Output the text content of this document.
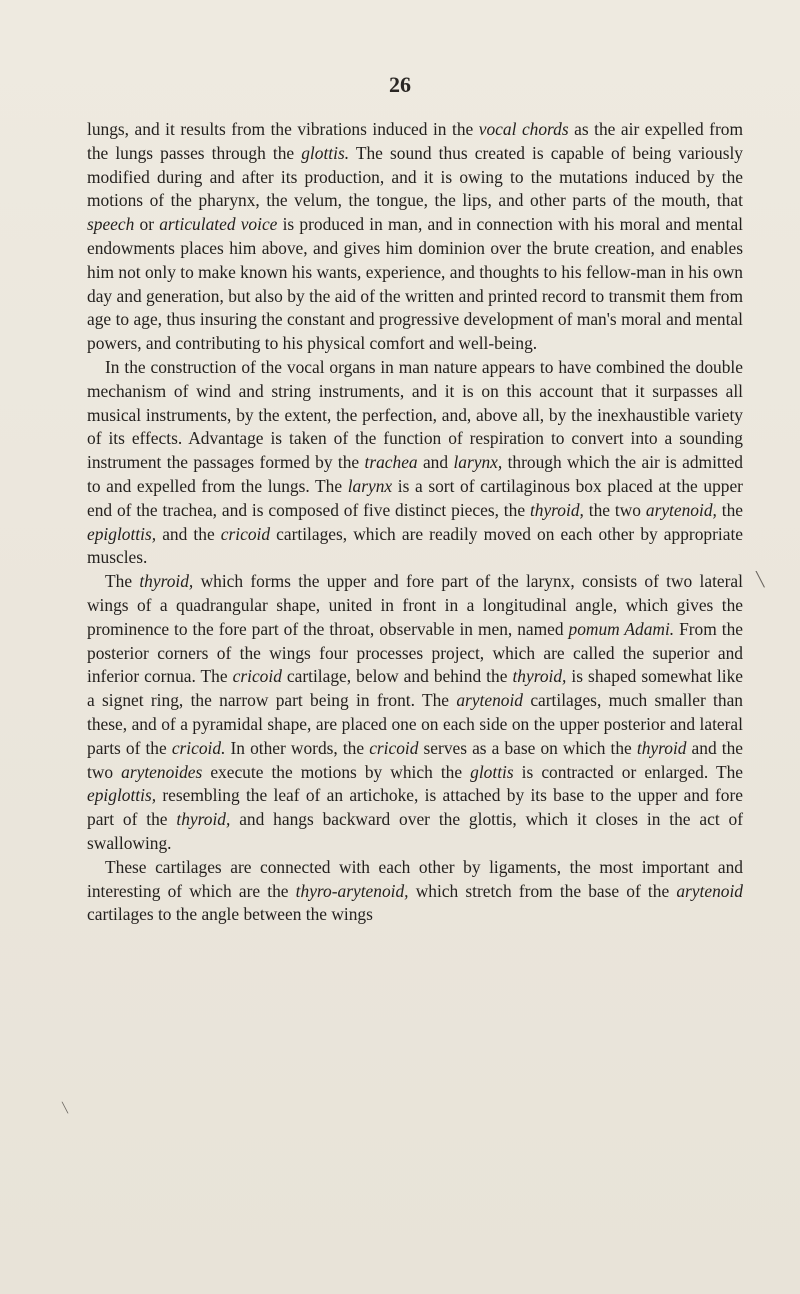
26

lungs, and it results from the vibrations induced in the vocal chords as the air expelled from the lungs passes through the glottis. The sound thus created is capable of being variously modified during and after its production, and it is owing to the mutations induced by the motions of the pharynx, the velum, the tongue, the lips, and other parts of the mouth, that speech or articulated voice is produced in man, and in connection with his moral and mental endowments places him above, and gives him dominion over the brute creation, and enables him not only to make known his wants, experience, and thoughts to his fellow-man in his own day and generation, but also by the aid of the written and printed record to transmit them from age to age, thus insuring the constant and progressive development of man's moral and mental powers, and contributing to his physical comfort and well-being.

In the construction of the vocal organs in man nature appears to have combined the double mechanism of wind and string instruments, and it is on this account that it surpasses all musical instruments, by the extent, the perfection, and, above all, by the inexhaustible variety of its effects. Advantage is taken of the function of respiration to convert into a sounding instrument the passages formed by the trachea and larynx, through which the air is admitted to and expelled from the lungs. The larynx is a sort of cartilaginous box placed at the upper end of the trachea, and is composed of five distinct pieces, the thyroid, the two arytenoid, the epiglottis, and the cricoid cartilages, which are readily moved on each other by appropriate muscles.

The thyroid, which forms the upper and fore part of the larynx, consists of two lateral wings of a quadrangular shape, united in front in a longitudinal angle, which gives the prominence to the fore part of the throat, observable in men, named pomum Adami. From the posterior corners of the wings four processes project, which are called the superior and inferior cornua. The cricoid cartilage, below and behind the thyroid, is shaped somewhat like a signet ring, the narrow part being in front. The arytenoid cartilages, much smaller than these, and of a pyramidal shape, are placed one on each side on the upper posterior and lateral parts of the cricoid. In other words, the cricoid serves as a base on which the thyroid and the two arytenoides execute the motions by which the glottis is contracted or enlarged. The epiglottis, resembling the leaf of an artichoke, is attached by its base to the upper and fore part of the thyroid, and hangs backward over the glottis, which it closes in the act of swallowing.

These cartilages are connected with each other by ligaments, the most important and interesting of which are the thyro-arytenoid, which stretch from the base of the arytenoid cartilages to the angle between the wings

╲
╲
